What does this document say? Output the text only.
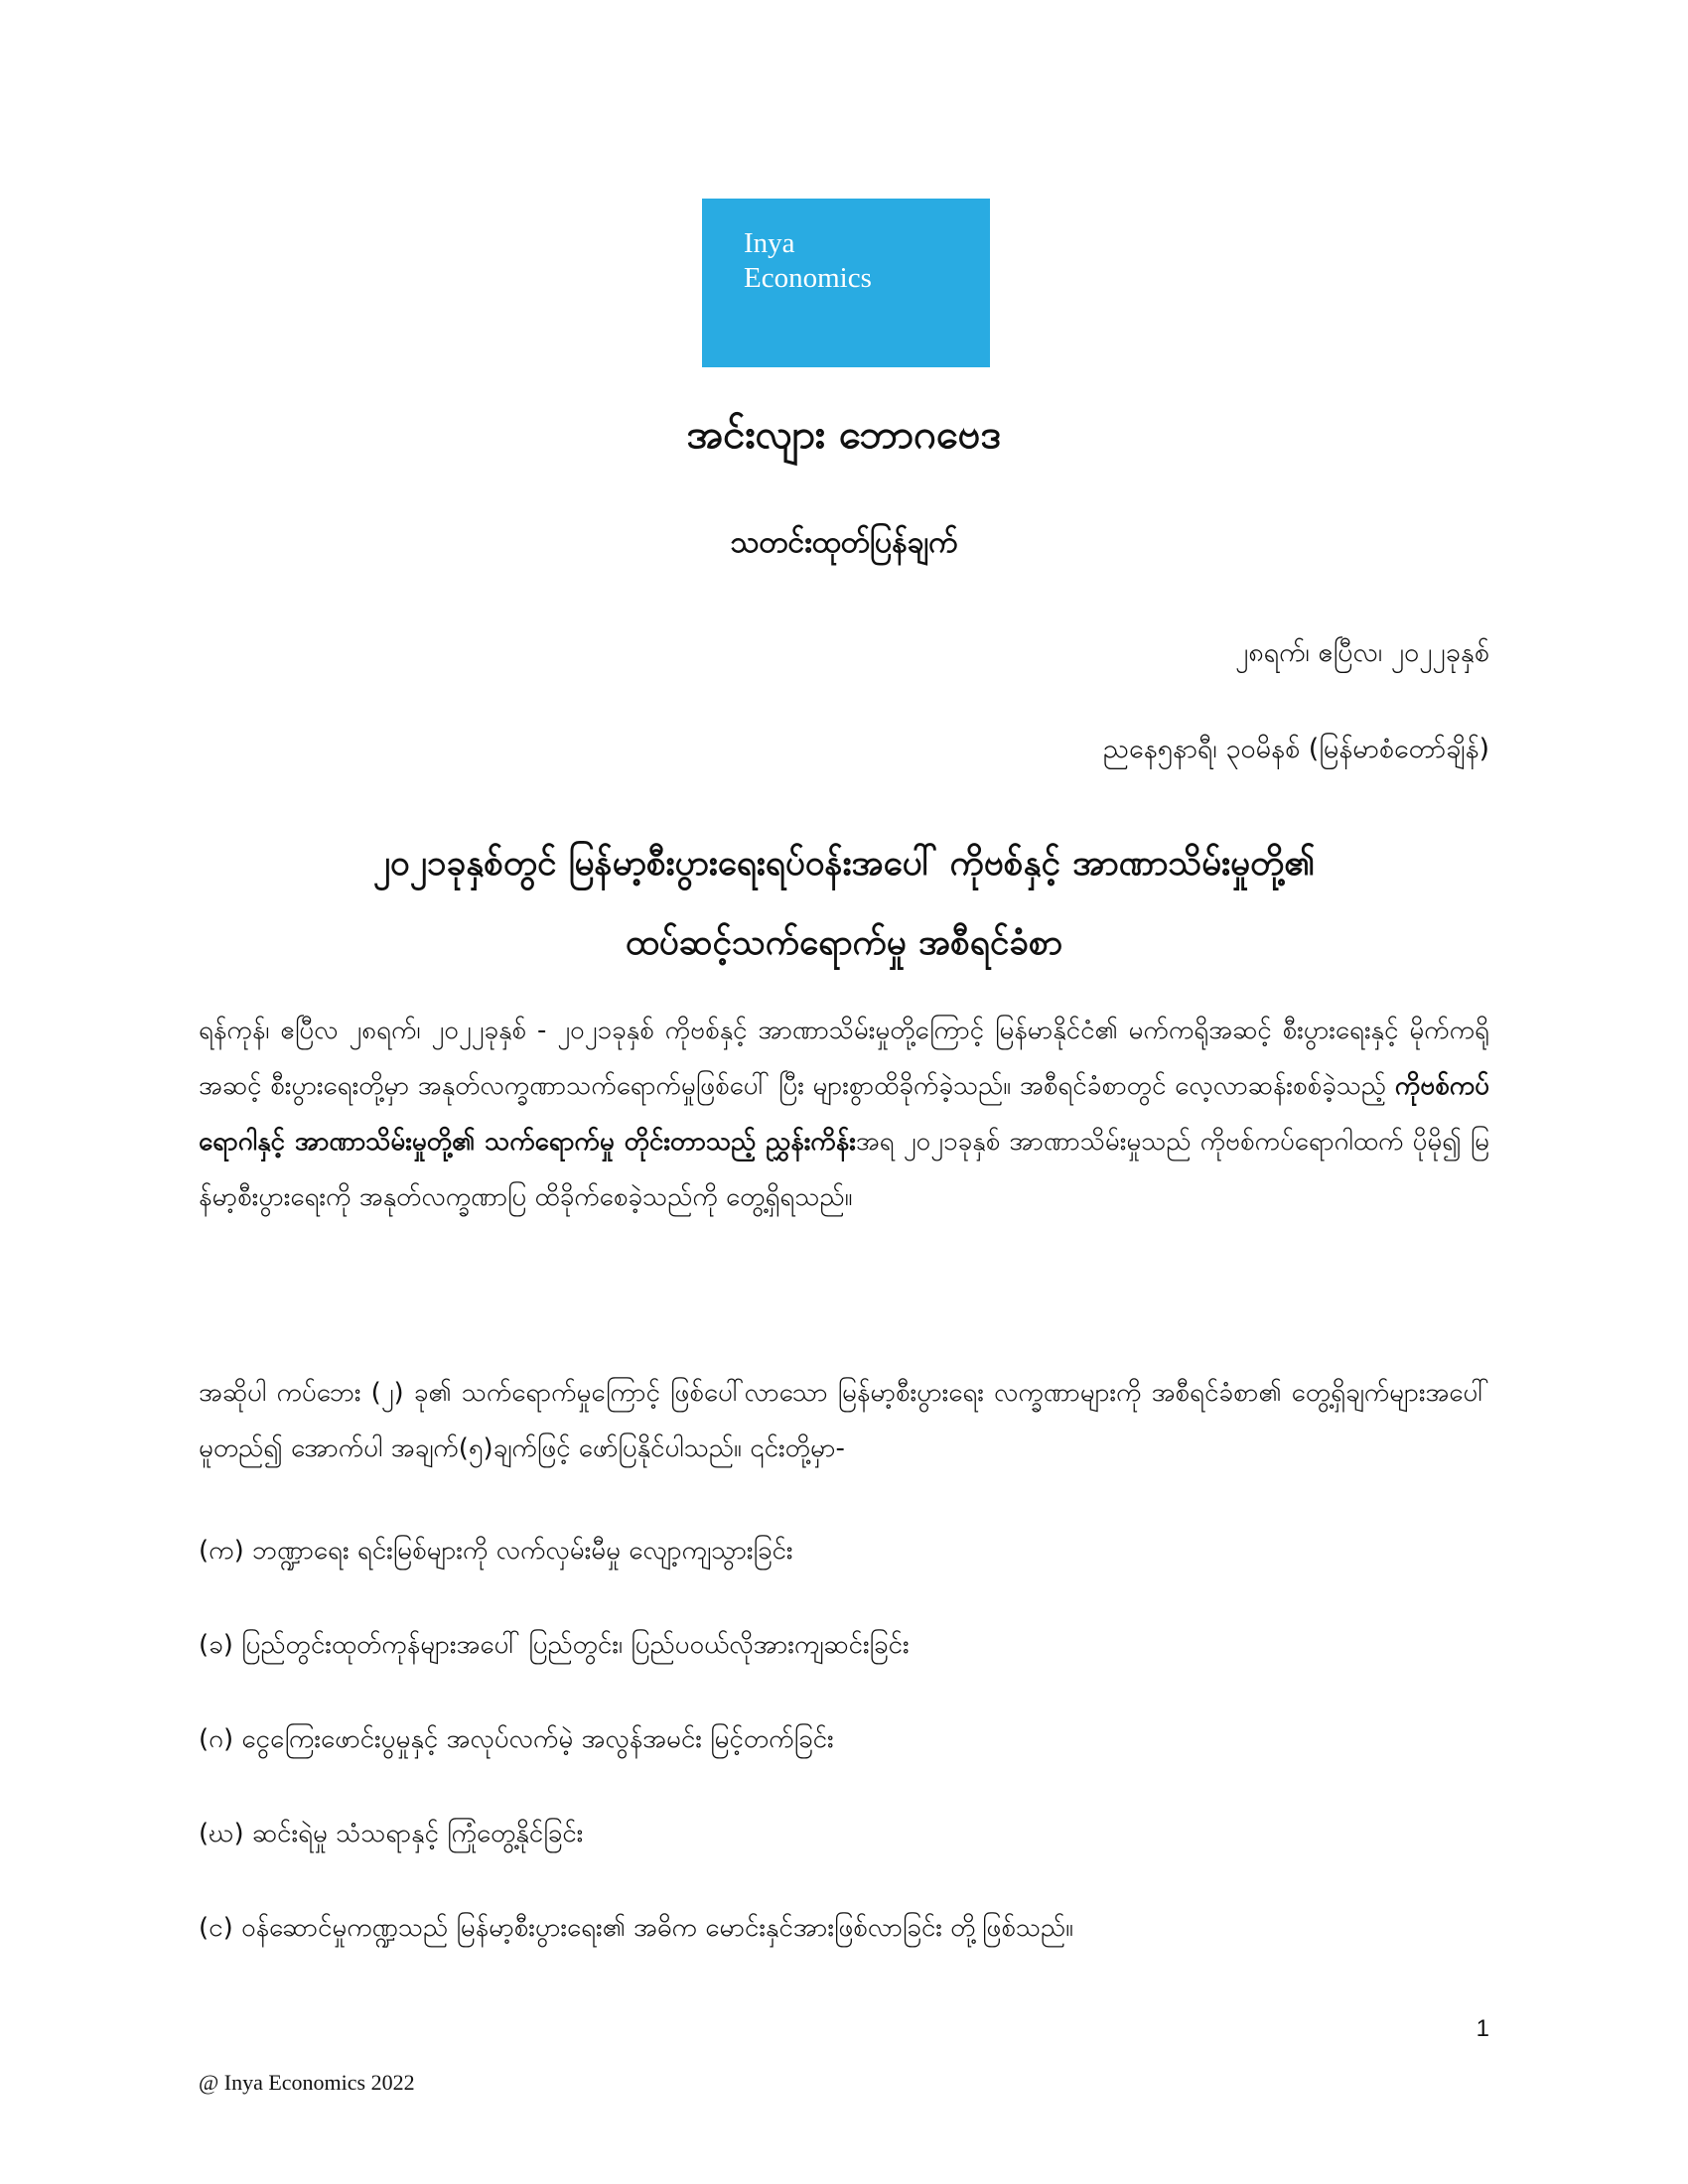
Inya
Economics
အင်းလျား ဘောဂဗေဒ
သတင်းထုတ်ပြန်ချက်
၂၈ရက်၊ ဧပြီလ၊ ၂၀၂၂ခုနှစ်
ညနေ၅နာရီ၊ ၃၀မိနစ် (မြန်မာစံတော်ချိန်)
၂၀၂၁ခုနှစ်တွင် မြန်မာ့စီးပွားရေးရပ်ဝန်းအပေါ် ကိုဗစ်နှင့် အာဏာသိမ်းမှုတို့၏
ထပ်ဆင့်သက်ရောက်မှု အစီရင်ခံစာ

ရန်ကုန်၊ ဧပြီလ ၂၈ရက်၊ ၂၀၂၂ခုနှစ် - ၂၀၂၁ခုနှစ် ကိုဗစ်နှင့် အာဏာသိမ်းမှုတို့ကြောင့် မြန်မာနိုင်ငံ၏ မက်ကရိုအဆင့် စီးပွားရေးနှင့် မိုက်ကရိုအဆင့် စီးပွားရေးတို့မှာ အနုတ်လက္ခဏာသက်ရောက်မှုဖြစ်ပေါ် ပြီး များစွာထိခိုက်ခဲ့သည်။ အစီရင်ခံစာတွင် လေ့လာဆန်းစစ်ခဲ့သည့် ကိုဗစ်ကပ်ရောဂါနှင့် အာဏာသိမ်းမှုတို့၏ သက်ရောက်မှု တိုင်းတာသည့် ညွှန်းကိန်းအရ ၂၀၂၁ခုနှစ် အာဏာသိမ်းမှုသည် ကိုဗစ်ကပ်ရောဂါထက် ပိုမို၍ မြန်မာ့စီးပွားရေးကို အနုတ်လက္ခဏာပြ ထိခိုက်စေခဲ့သည်ကို တွေ့ရှိရသည်။

အဆိုပါ ကပ်ဘေး (၂) ခု၏ သက်ရောက်မှုကြောင့် ဖြစ်ပေါ်လာသော မြန်မာ့စီးပွားရေး လက္ခဏာများကို အစီရင်ခံစာ၏ တွေ့ရှိချက်များအပေါ် မူတည်၍ အောက်ပါ အချက်(၅)ချက်ဖြင့် ဖော်ပြနိုင်ပါသည်။ ၎င်းတို့မှာ-

(က) ဘဏ္ဍာရေး ရင်းမြစ်များကို လက်လှမ်းမီမှု လျော့ကျသွားခြင်း
(ခ) ပြည်တွင်းထုတ်ကုန်များအပေါ် ပြည်တွင်း၊ ပြည်ပဝယ်လိုအားကျဆင်းခြင်း
(ဂ) ငွေကြေးဖောင်းပွမှုနှင့် အလုပ်လက်မဲ့ အလွန်အမင်း မြင့်တက်ခြင်း
(ဃ) ဆင်းရဲမှု သံသရာနှင့် ကြုံတွေ့နိုင်ခြင်း
(င) ဝန်ဆောင်မှုကဏ္ဍသည် မြန်မာ့စီးပွားရေး၏ အဓိက မောင်းနှင်အားဖြစ်လာခြင်း တို့ဖြစ်သည်။
1
@ Inya Economics 2022
